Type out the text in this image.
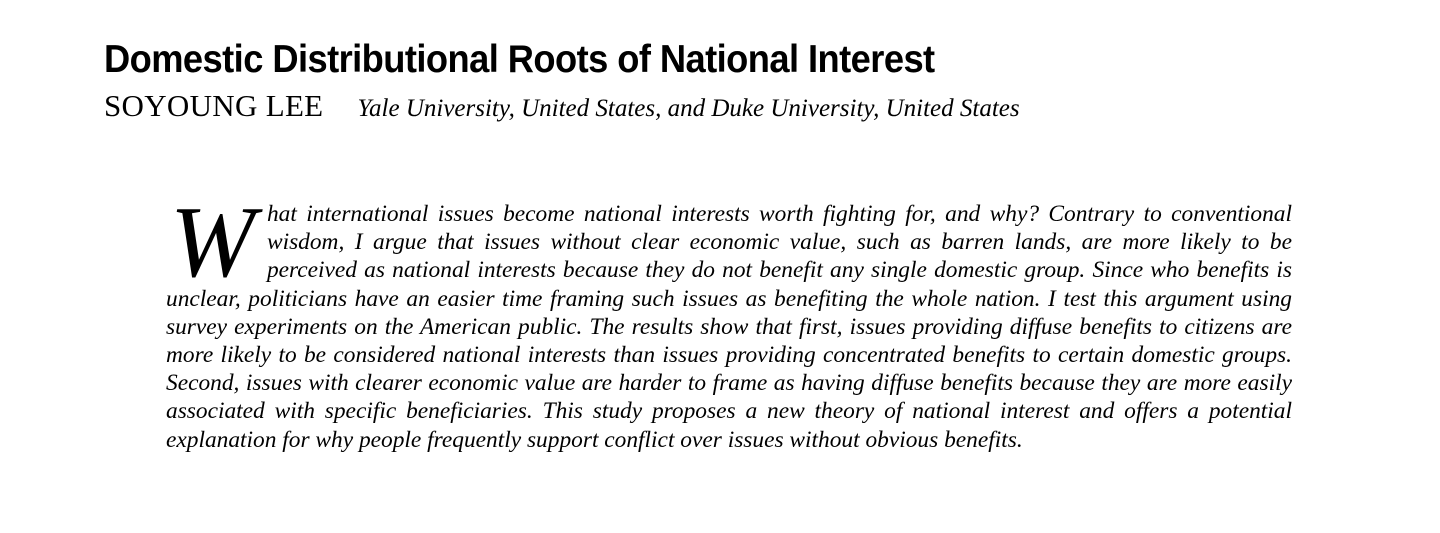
Domestic Distributional Roots of National Interest
SOYOUNG LEE Yale University, United States, and Duke University, United States

What international issues become national interests worth fighting for, and why? Contrary to conventional wisdom, I argue that issues without clear economic value, such as barren lands, are more likely to be perceived as national interests because they do not benefit any single domestic group. Since who benefits is unclear, politicians have an easier time framing such issues as benefiting the whole nation. I test this argument using survey experiments on the American public. The results show that first, issues providing diffuse benefits to citizens are more likely to be considered national interests than issues providing concentrated benefits to certain domestic groups. Second, issues with clearer economic value are harder to frame as having diffuse benefits because they are more easily associated with specific beneficiaries. This study proposes a new theory of national interest and offers a potential explanation for why people frequently support conflict over issues without obvious benefits.
